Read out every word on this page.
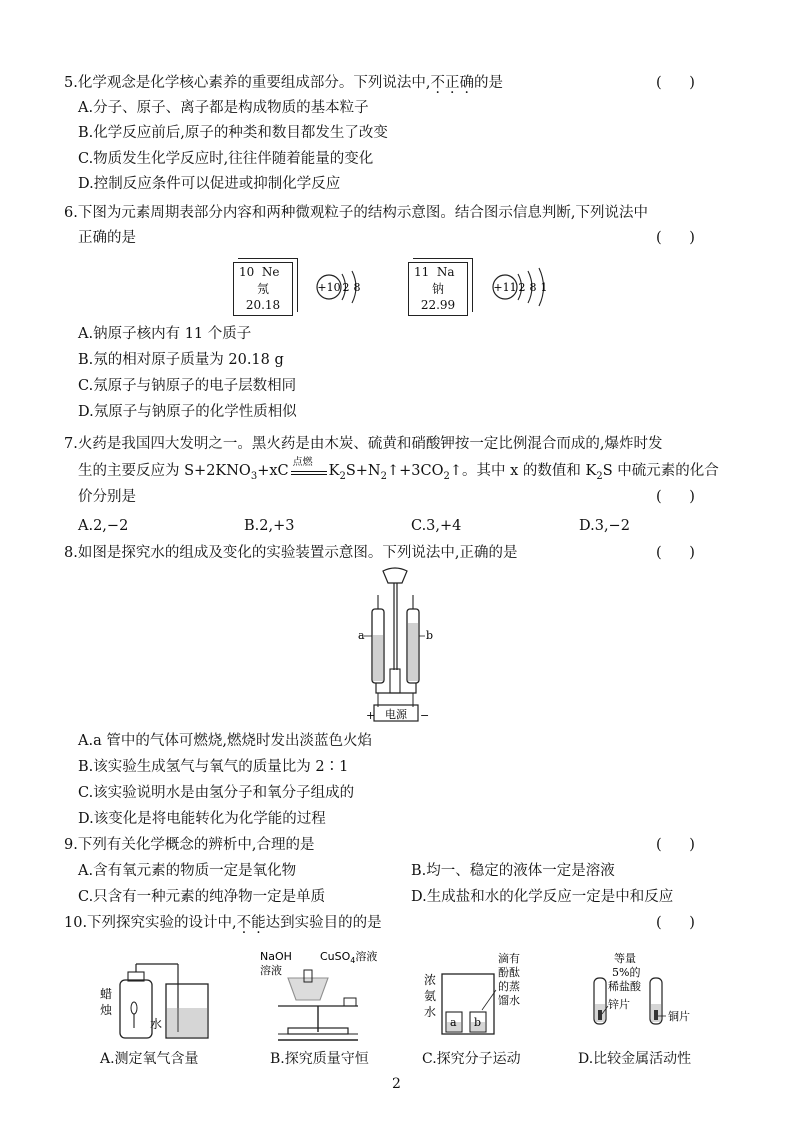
5.化学观念是化学核心素养的重要组成部分。下列说法中,不正确的是	(      )
A.分子、原子、离子都是构成物质的基本粒子
B.化学反应前后,原子的种类和数目都发生了改变
C.物质发生化学反应时,往往伴随着能量的变化
D.控制反应条件可以促进或抑制化学反应
6.下图为元素周期表部分内容和两种微观粒子的结构示意图。结合图示信息判断,下列说法中
正确的是	(      )
10 Ne
氖
20.18
+10 2 8
11 Na
钠
22.99
+11 2 8 1
A.钠原子核内有 11 个质子
B.氖的相对原子质量为 20.18 g
C.氖原子与钠原子的电子层数相同
D.氖原子与钠原子的化学性质相似
7.火药是我国四大发明之一。黑火药是由木炭、硫黄和硝酸钾按一定比例混合而成的,爆炸时发
生的主要反应为 $S+2KNO_3+xC$
点燃
$K_2S+N_2↑+3CO_2↑$。其中 x 的数值和 $K_2S$ 中硫元素的化合
价分别是	(      )
A.2,−2	B.2,+3	C.3,+4	D.3,−2
8.如图是探究水的组成及变化的实验装置示意图。下列说法中,正确的是	(      )
电源
+	−
a	b
A.a 管中的气体可燃烧,燃烧时发出淡蓝色火焰
B.该实验生成氢气与氧气的质量比为 2∶1
C.该实验说明水是由氢分子和氧分子组成的
D.该变化是将电能转化为化学能的过程
9.下列有关化学概念的辨析中,合理的是	(      )
A.含有氧元素的物质一定是氧化物	B.均一、稳定的液体一定是溶液
C.只含有一种元素的纯净物一定是单质	D.生成盐和水的化学反应一定是中和反应
10.下列探究实验的设计中,不能达到实验目的的是	(      )
蜡
烛
水
A.测定氧气含量
NaOH
溶液
CuSO$_4$溶液
B.探究质量守恒
浓
氨
水
a b
滴有
酚酞
的蒸
馏水
C.探究分子运动
等量
5%的
稀盐酸
锌片
铜片
D.比较金属活动性
2
